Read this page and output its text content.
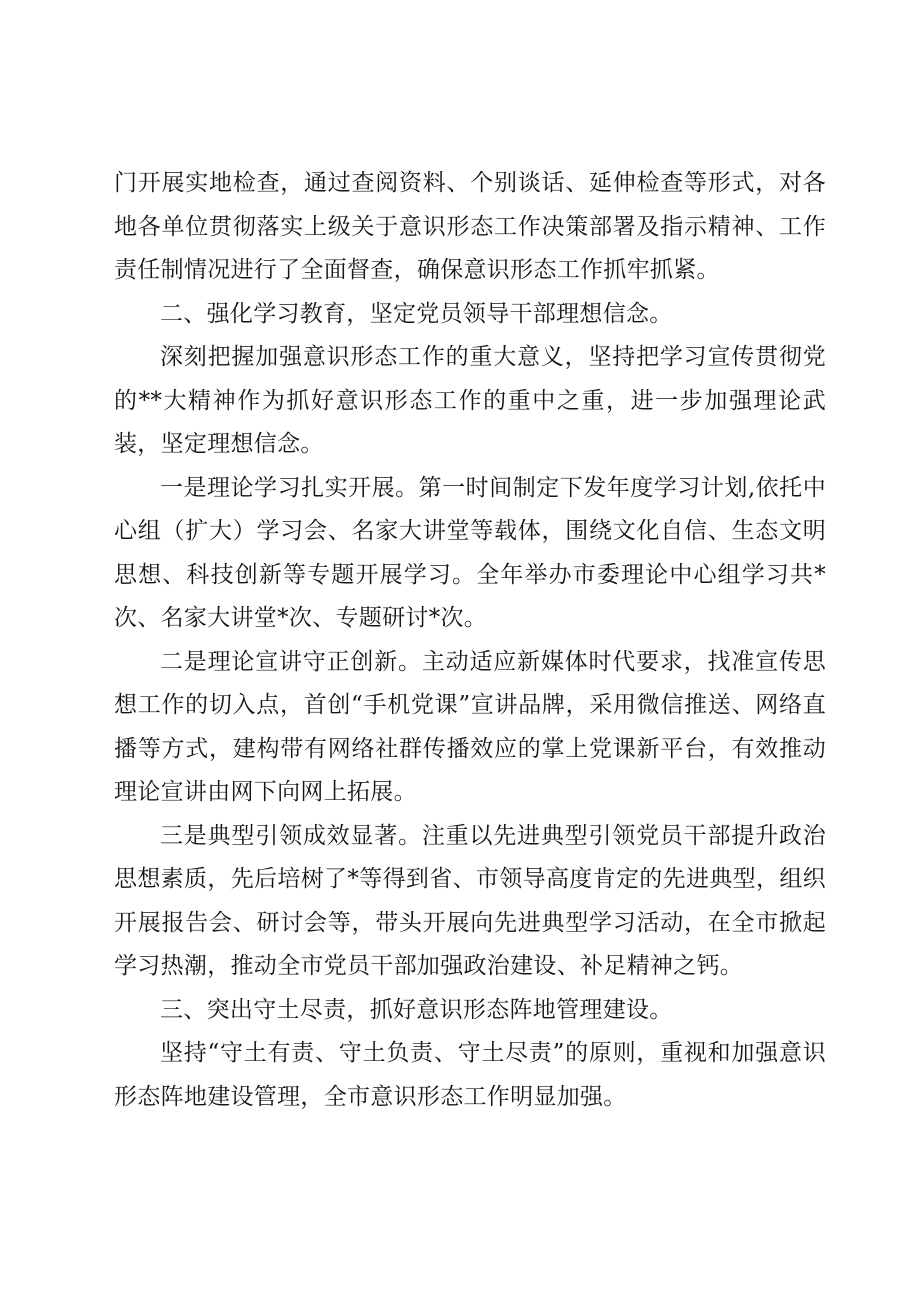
门开展实地检查，通过查阅资料、个别谈话、延伸检查等形式，对各地各单位贯彻落实上级关于意识形态工作决策部署及指示精神、工作责任制情况进行了全面督查，确保意识形态工作抓牢抓紧。

二、强化学习教育，坚定党员领导干部理想信念。

深刻把握加强意识形态工作的重大意义，坚持把学习宣传贯彻党的**大精神作为抓好意识形态工作的重中之重，进一步加强理论武装，坚定理想信念。

一是理论学习扎实开展。第一时间制定下发年度学习计划,依托中心组（扩大）学习会、名家大讲堂等载体，围绕文化自信、生态文明思想、科技创新等专题开展学习。全年举办市委理论中心组学习共*次、名家大讲堂*次、专题研讨*次。

二是理论宣讲守正创新。主动适应新媒体时代要求，找准宣传思想工作的切入点，首创“手机党课”宣讲品牌，采用微信推送、网络直播等方式，建构带有网络社群传播效应的掌上党课新平台，有效推动理论宣讲由网下向网上拓展。

三是典型引领成效显著。注重以先进典型引领党员干部提升政治思想素质，先后培树了*等得到省、市领导高度肯定的先进典型，组织开展报告会、研讨会等，带头开展向先进典型学习活动，在全市掀起学习热潮，推动全市党员干部加强政治建设、补足精神之钙。

三、突出守土尽责，抓好意识形态阵地管理建设。

坚持“守土有责、守土负责、守土尽责”的原则，重视和加强意识形态阵地建设管理，全市意识形态工作明显加强。
